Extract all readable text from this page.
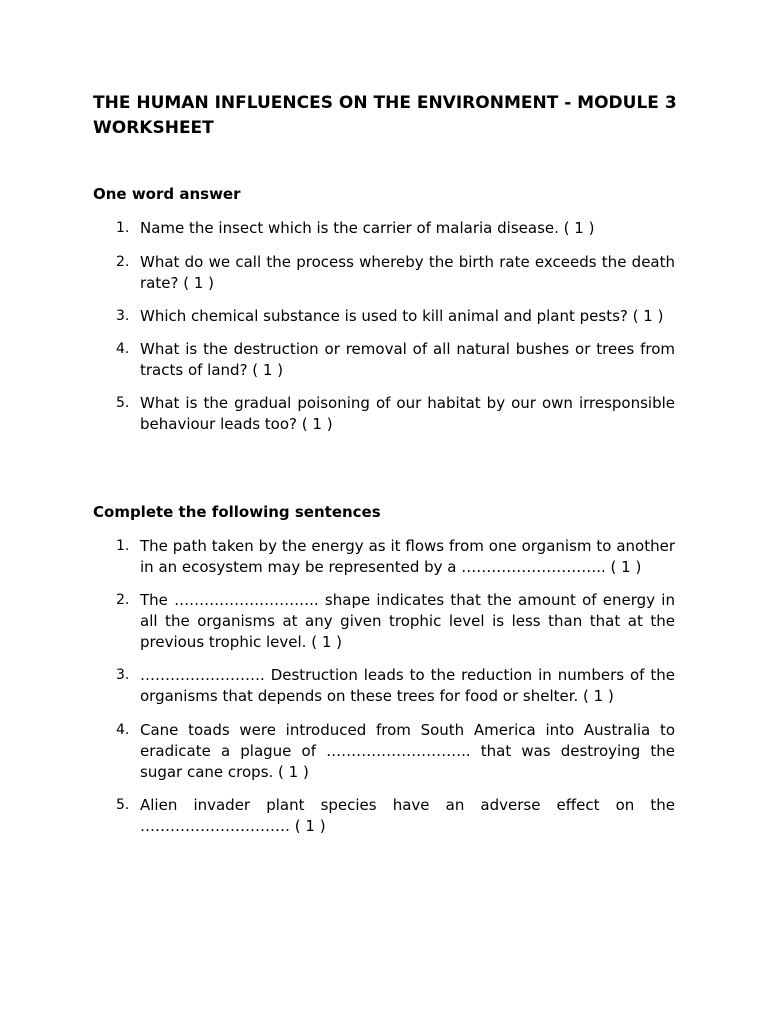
THE HUMAN INFLUENCES ON THE ENVIRONMENT - MODULE 3 WORKSHEET
One word answer
1. Name the insect which is the carrier of malaria disease. ( 1 )
2. What do we call the process whereby the birth rate exceeds the death rate? ( 1 )
3. Which chemical substance is used to kill animal and plant pests? ( 1 )
4. What is the destruction or removal of all natural bushes or trees from tracts of land? ( 1 )
5. What is the gradual poisoning of our habitat by our own irresponsible behaviour leads too? ( 1 )
Complete the following sentences
1. The path taken by the energy as it flows from one organism to another in an ecosystem may be represented by a ……………………….. ( 1 )
2. The ……………………….. shape indicates that the amount of energy in all the organisms at any given trophic level is less than that at the previous trophic level. ( 1 )
3. ……………………. Destruction leads to the reduction in numbers of the organisms that depends on these trees for food or shelter. ( 1 )
4. Cane toads were introduced from South America into Australia to eradicate a plague of ……………………….. that was destroying the sugar cane crops. ( 1 )
5. Alien invader plant species have an adverse effect on the ………………………… ( 1 )
